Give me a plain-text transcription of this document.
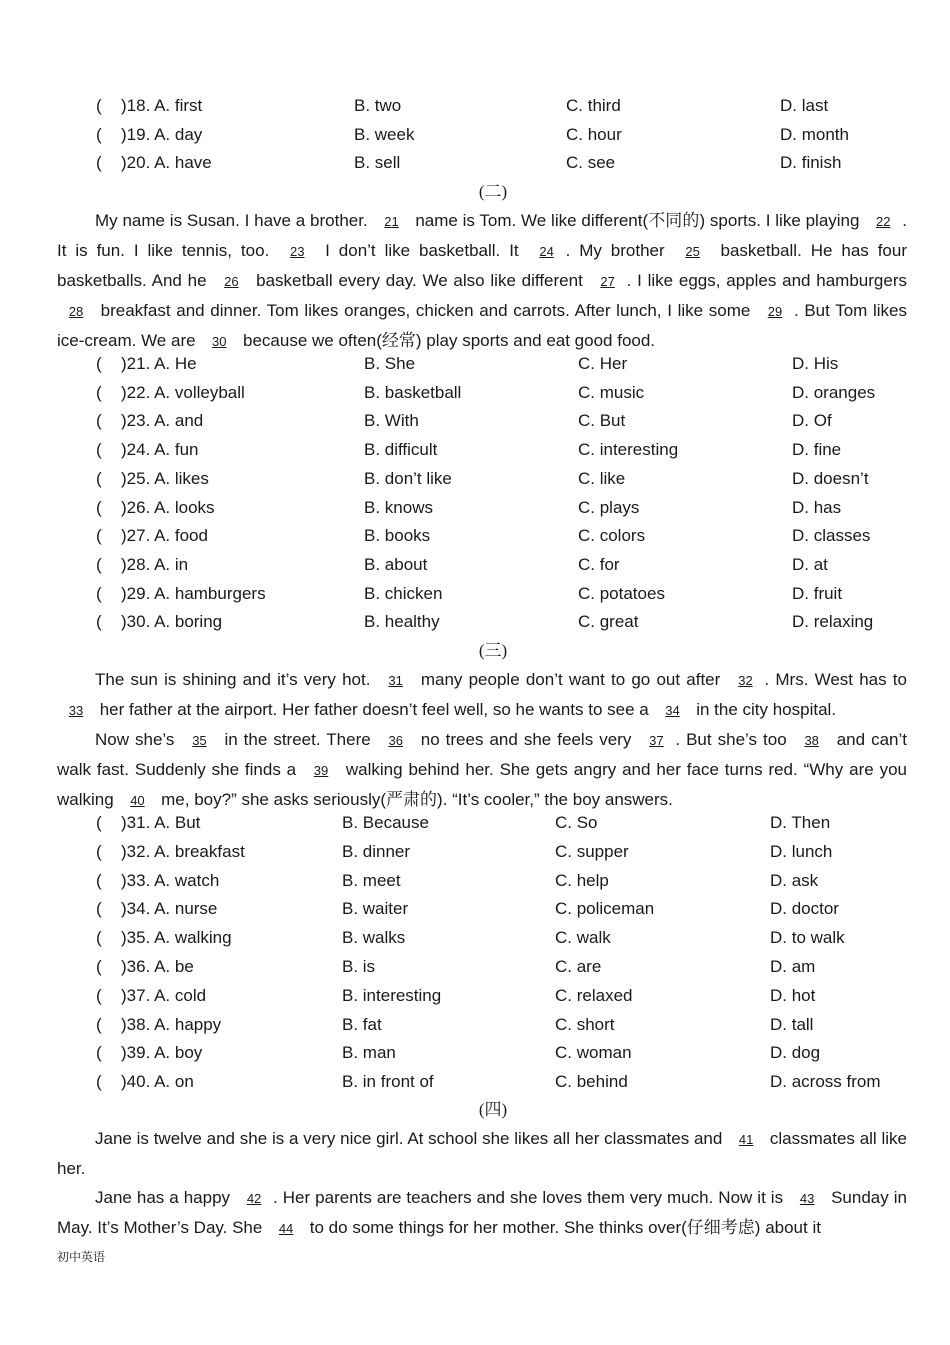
( )18. A. first	B. two	C. third	D. last
( )19. A. day	B. week	C. hour	D. month
( )20. A. have	B. sell	C. see	D. finish
(二)
My name is Susan. I have a brother. 21 name is Tom. We like different(不同的) sports. I like playing 22 . It is fun. I like tennis, too. 23 I don’t like basketball. It 24 . My brother 25 basketball. He has four basketballs. And he 26 basketball every day. We also like different 27 . I like eggs, apples and hamburgers 28 breakfast and dinner. Tom likes oranges, chicken and carrots. After lunch, I like some 29 . But Tom likes ice-cream. We are 30 because we often(经常) play sports and eat good food.
( )21. A. He	B. She	C. Her	D. His
( )22. A. volleyball	B. basketball	C. music	D. oranges
( )23. A. and	B. With	C. But	D. Of
( )24. A. fun	B. difficult	C. interesting	D. fine
( )25. A. likes	B. don’t like	C. like	D. doesn’t
( )26. A. looks	B. knows	C. plays	D. has
( )27. A. food	B. books	C. colors	D. classes
( )28. A. in	B. about	C. for	D. at
( )29. A. hamburgers	B. chicken	C. potatoes	D. fruit
( )30. A. boring	B. healthy	C. great	D. relaxing
(三)
The sun is shining and it’s very hot. 31 many people don’t want to go out after 32 . Mrs. West has to 33 her father at the airport. Her father doesn’t feel well, so he wants to see a 34 in the city hospital.
Now she’s 35 in the street. There 36 no trees and she feels very 37 . But she’s too 38 and can’t walk fast. Suddenly she finds a 39 walking behind her. She gets angry and her face turns red. “Why are you walking 40 me, boy?” she asks seriously(严肃的). “It’s cooler,” the boy answers.
( )31. A. But	B. Because	C. So	D. Then
( )32. A. breakfast	B. dinner	C. supper	D. lunch
( )33. A. watch	B. meet	C. help	D. ask
( )34. A. nurse	B. waiter	C. policeman	D. doctor
( )35. A. walking	B. walks	C. walk	D. to walk
( )36. A. be	B. is	C. are	D. am
( )37. A. cold	B. interesting	C. relaxed	D. hot
( )38. A. happy	B. fat	C. short	D. tall
( )39. A. boy	B. man	C. woman	D. dog
( )40. A. on	B. in front of	C. behind	D. across from
(四)
Jane is twelve and she is a very nice girl. At school she likes all her classmates and 41 classmates all like her.
Jane has a happy 42 . Her parents are teachers and she loves them very much. Now it is 43 Sunday in May. It’s Mother’s Day. She 44 to do some things for her mother. She thinks over(仔细考虑) about it
初中英语
